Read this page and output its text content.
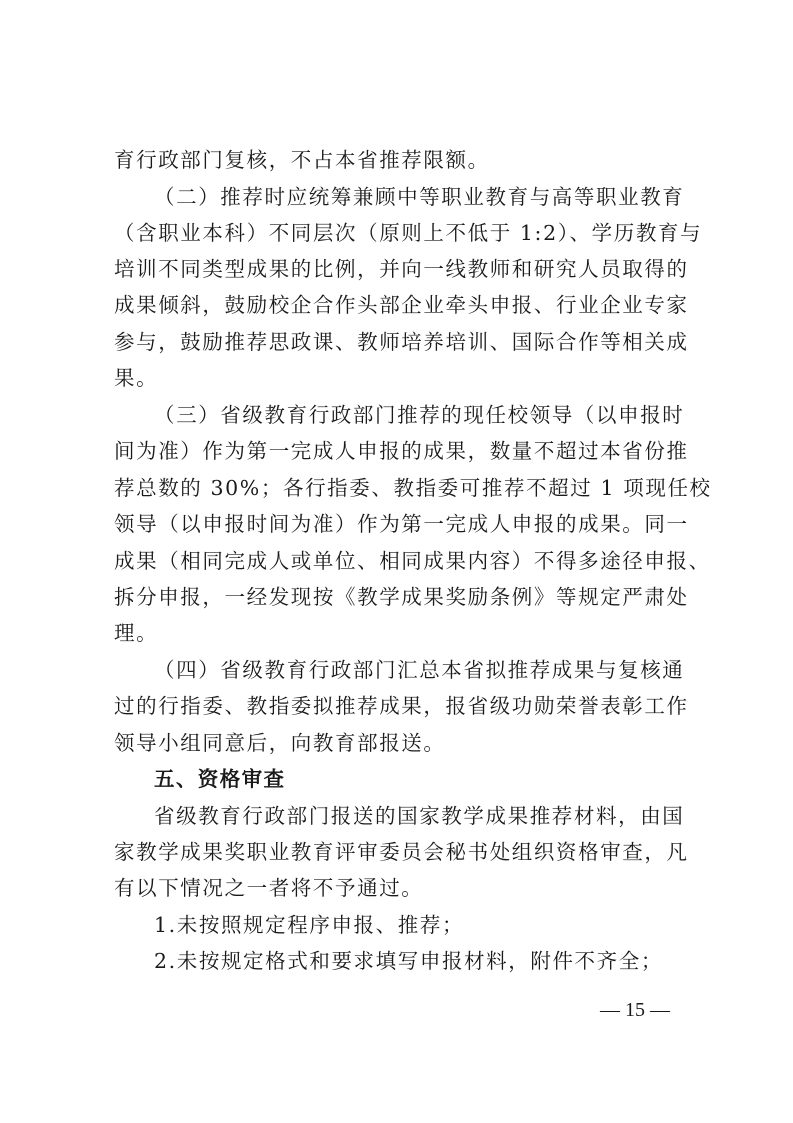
育行政部门复核，不占本省推荐限额。
（二）推荐时应统筹兼顾中等职业教育与高等职业教育
（含职业本科）不同层次（原则上不低于 1:2）、学历教育与
培训不同类型成果的比例，并向一线教师和研究人员取得的
成果倾斜，鼓励校企合作头部企业牵头申报、行业企业专家
参与，鼓励推荐思政课、教师培养培训、国际合作等相关成
果。
（三）省级教育行政部门推荐的现任校领导（以申报时
间为准）作为第一完成人申报的成果，数量不超过本省份推
荐总数的 30%；各行指委、教指委可推荐不超过 1 项现任校
领导（以申报时间为准）作为第一完成人申报的成果。同一
成果（相同完成人或单位、相同成果内容）不得多途径申报、
拆分申报，一经发现按《教学成果奖励条例》等规定严肃处
理。
（四）省级教育行政部门汇总本省拟推荐成果与复核通
过的行指委、教指委拟推荐成果，报省级功勋荣誉表彰工作
领导小组同意后，向教育部报送。
五、资格审查
省级教育行政部门报送的国家教学成果推荐材料，由国
家教学成果奖职业教育评审委员会秘书处组织资格审查，凡
有以下情况之一者将不予通过。
1.未按照规定程序申报、推荐；
2.未按规定格式和要求填写申报材料，附件不齐全；
— 15 —
